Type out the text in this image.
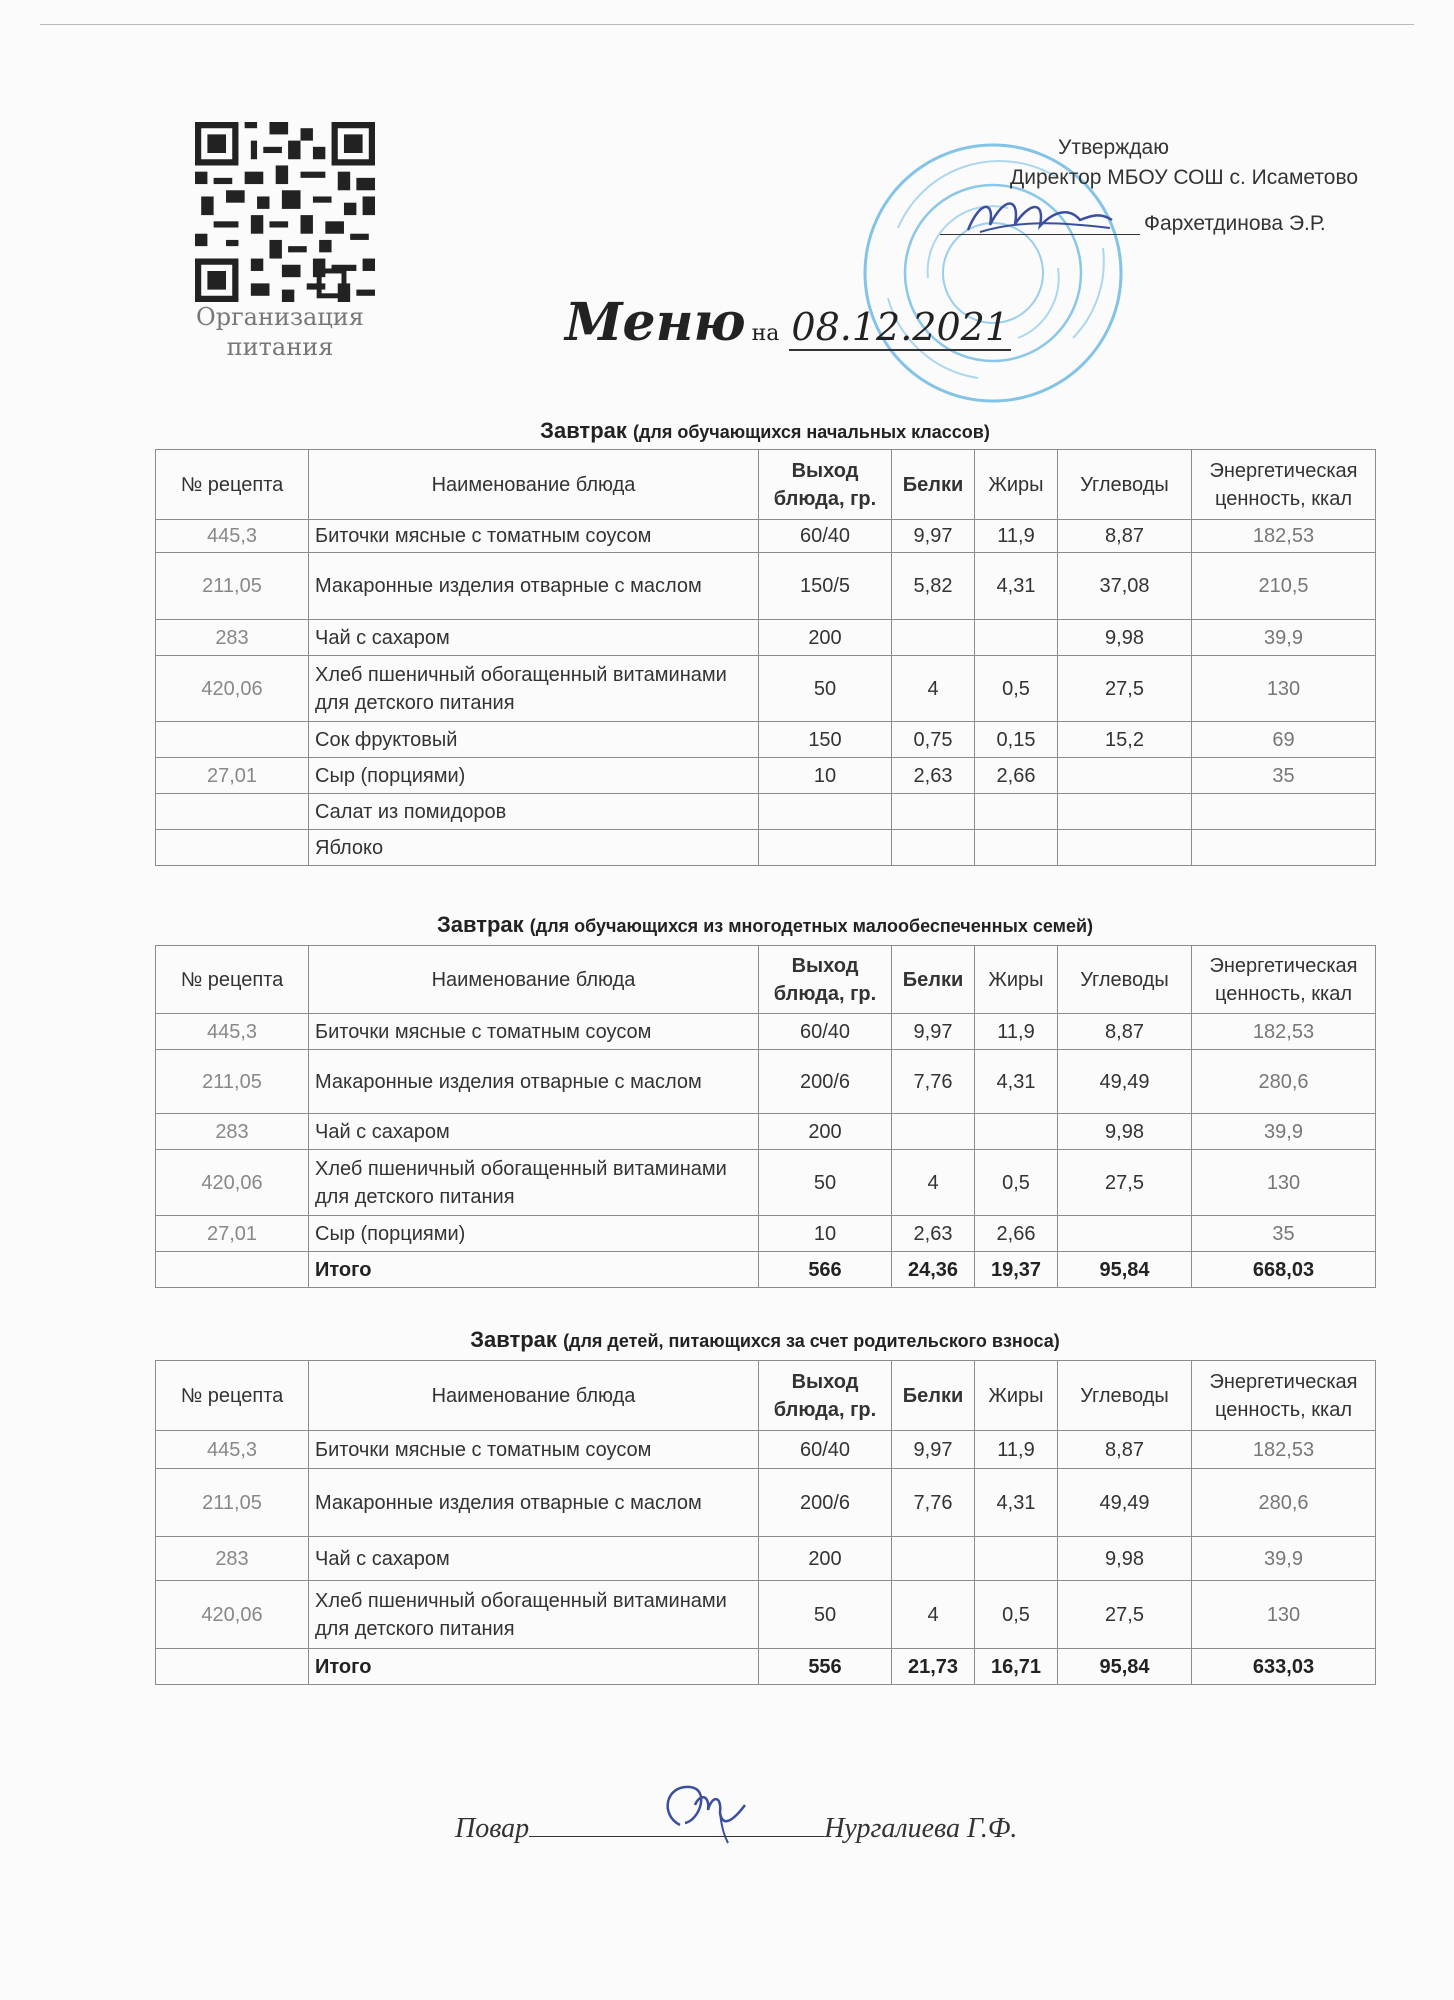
Организация
питания
Утверждаю
Директор МБОУ СОШ с. Исаметово
Фархетдинова Э.Р.
Меню на 08.12.2021
Завтрак (для обучающихся начальных классов)
№ рецепта	Наименование блюда	Выход блюда, гр.	Белки	Жиры	Углеводы	Энергетическая ценность, ккал
445,3	Биточки мясные с томатным соусом	60/40	9,97	11,9	8,87	182,53
211,05	Макаронные изделия отварные с маслом	150/5	5,82	4,31	37,08	210,5
283	Чай с сахаром	200			9,98	39,9
420,06	Хлеб пшеничный обогащенный витаминами для детского питания	50	4	0,5	27,5	130
	Сок фруктовый	150	0,75	0,15	15,2	69
27,01	Сыр (порциями)	10	2,63	2,66		35
	Салат из помидоров					
	Яблоко					
Завтрак (для обучающихся из многодетных малообеспеченных семей)
№ рецепта	Наименование блюда	Выход блюда, гр.	Белки	Жиры	Углеводы	Энергетическая ценность, ккал
445,3	Биточки мясные с томатным соусом	60/40	9,97	11,9	8,87	182,53
211,05	Макаронные изделия отварные с маслом	200/6	7,76	4,31	49,49	280,6
283	Чай с сахаром	200			9,98	39,9
420,06	Хлеб пшеничный обогащенный витаминами для детского питания	50	4	0,5	27,5	130
27,01	Сыр (порциями)	10	2,63	2,66		35
	Итого	566	24,36	19,37	95,84	668,03
Завтрак (для детей, питающихся за счет родительского взноса)
№ рецепта	Наименование блюда	Выход блюда, гр.	Белки	Жиры	Углеводы	Энергетическая ценность, ккал
445,3	Биточки мясные с томатным соусом	60/40	9,97	11,9	8,87	182,53
211,05	Макаронные изделия отварные с маслом	200/6	7,76	4,31	49,49	280,6
283	Чай с сахаром	200			9,98	39,9
420,06	Хлеб пшеничный обогащенный витаминами для детского питания	50	4	0,5	27,5	130
	Итого	556	21,73	16,71	95,84	633,03
Повар	Нургалиева Г.Ф.
